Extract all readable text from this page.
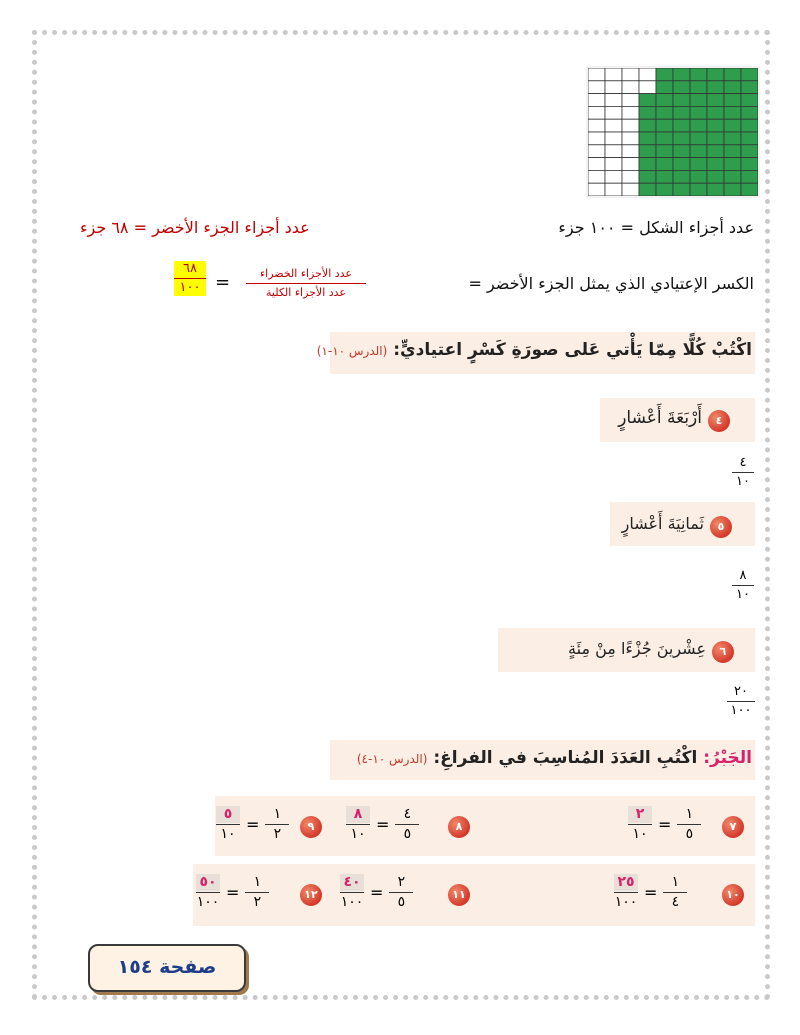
عدد أجزاء الشكل = ١٠٠ جزء
عدد أجزاء الجزء الأخضر = ٦٨ جزء
الكسر الإعتيادي الذي يمثل الجزء الأخضر =
عدد الأجزاء الخضراء
عدد الأجزاء الكلية
=
٦٨
١٠٠
اكْتُبْ كُلًّا مِمّا يَأْتي عَلى صورَةِ كَسْرٍ اعتياديٍّ: (الدرس ١٠-١)
٤
أَرْبَعَةَ أَعْشارٍ
٤
١٠
٥
ثَمانِيَةَ أَعْشارٍ
٨
١٠
٦
عِشْرينَ جُزْءًا مِنْ مِئَةٍ
٢٠
١٠٠
الجَبْرُ: اكْتُبِ العَدَدَ المُناسِبَ في الفراغِ: (الدرس ١٠-٤)
٧
٢
١٠ =
١
٥
٨
٨
١٠ =
٤
٥
٩
٥
١٠ =
١
٢
١٠
٢٥
١٠٠ =
١
٤
١١
٤٠
١٠٠ =
٢
٥
١٢
٥٠
١٠٠ =
١
٢
صفحة ١٥٤
